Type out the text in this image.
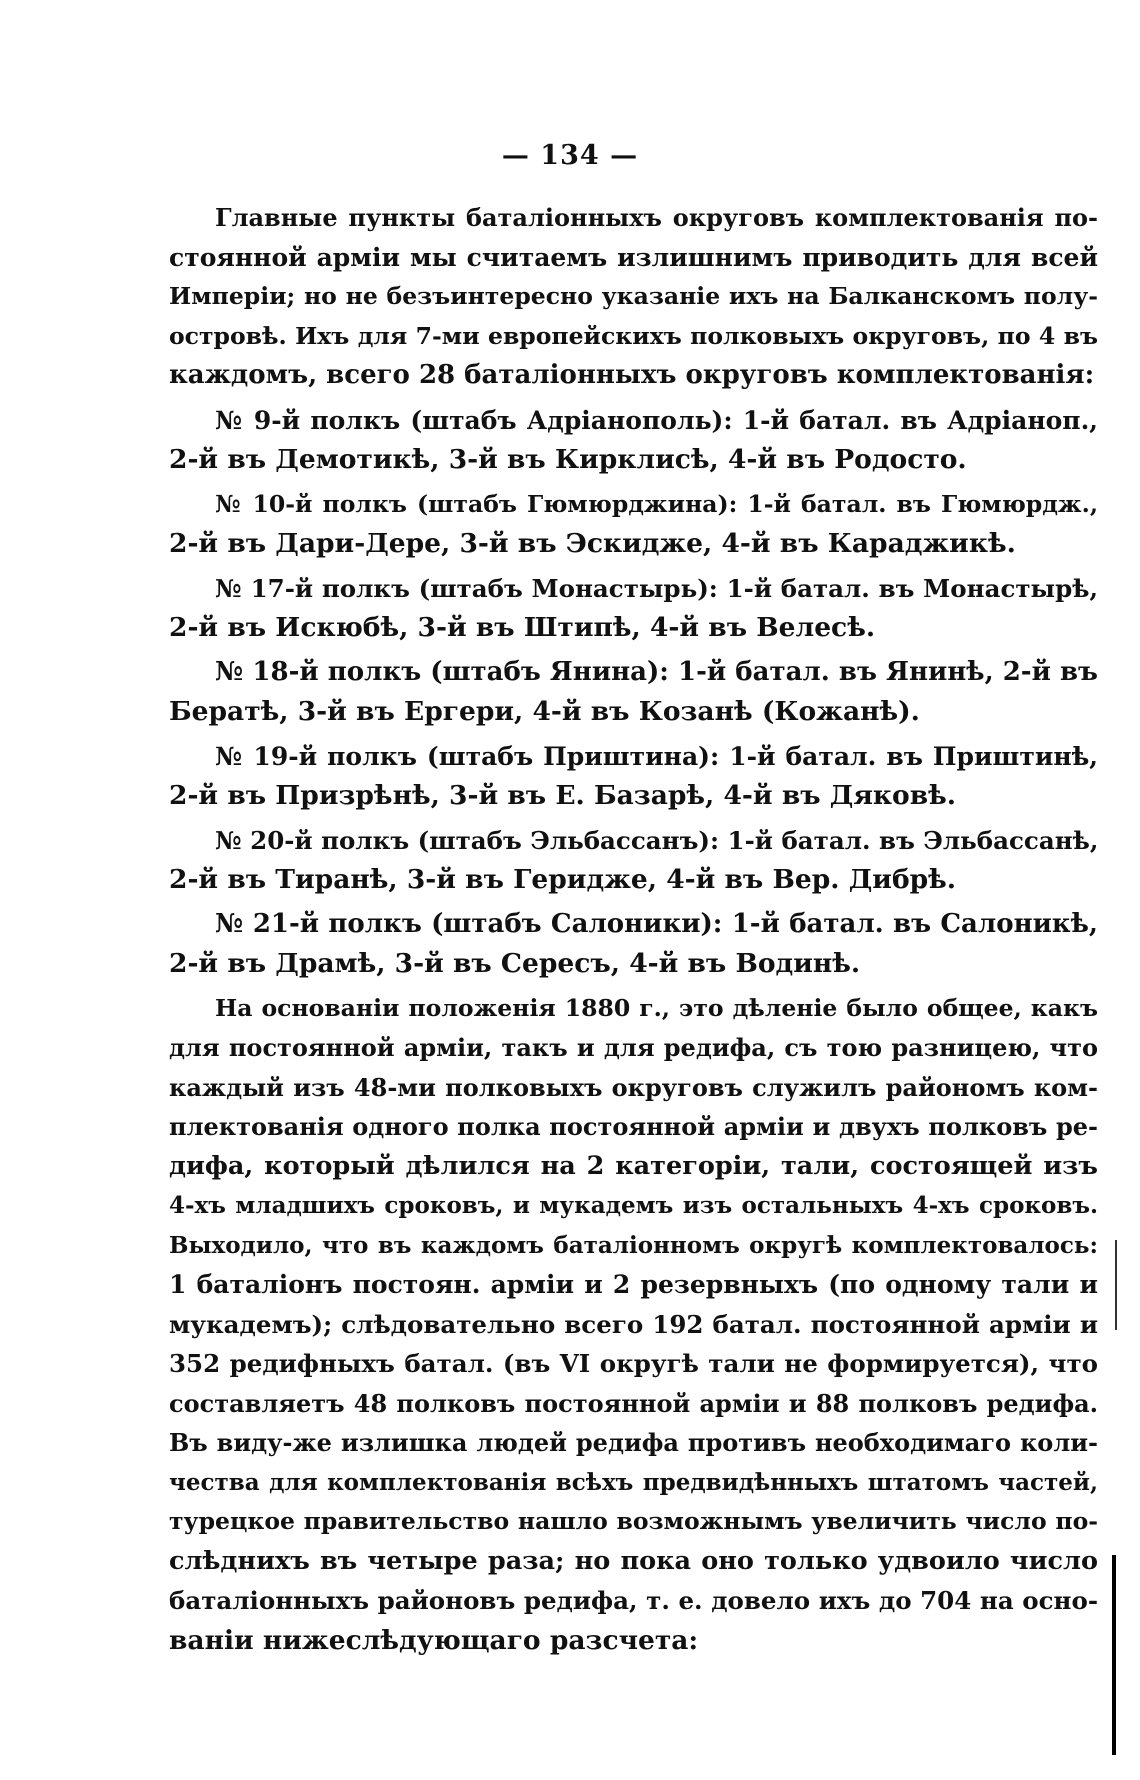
— 134 —

Главные пункты баталіонныхъ округовъ комплектованія по-
стоянной арміи мы считаемъ излишнимъ приводить для всей
Имперіи; но не безъинтересно указаніе ихъ на Балканскомъ полу-
островѣ. Ихъ для 7-ми европейскихъ полковыхъ округовъ, по 4 въ
каждомъ, всего 28 баталіонныхъ округовъ комплектованія:

№ 9-й полкъ (штабъ Адріанополь): 1-й батал. въ Адріаноп.,
2-й въ Демотикѣ, 3-й въ Кирклисѣ, 4-й въ Родосто.

№ 10-й полкъ (штабъ Гюмюрджина): 1-й батал. въ Гюмюрдж.,
2-й въ Дари-Дере, 3-й въ Эскидже, 4-й въ Караджикѣ.

№ 17-й полкъ (штабъ Монастырь): 1-й батал. въ Монастырѣ,
2-й въ Искюбѣ, 3-й въ Штипѣ, 4-й въ Велесѣ.

№ 18-й полкъ (штабъ Янина): 1-й батал. въ Янинѣ, 2-й въ
Бератѣ, 3-й въ Ергери, 4-й въ Козанѣ (Кожанѣ).

№ 19-й полкъ (штабъ Приштина): 1-й батал. въ Приштинѣ,
2-й въ Призрѣнѣ, 3-й въ Е. Базарѣ, 4-й въ Дяковѣ.

№ 20-й полкъ (штабъ Эльбассанъ): 1-й батал. въ Эльбассанѣ,
2-й въ Тиранѣ, 3-й въ Геридже, 4-й въ Вер. Дибрѣ.

№ 21-й полкъ (штабъ Салоники): 1-й батал. въ Салоникѣ,
2-й въ Драмѣ, 3-й въ Сересъ, 4-й въ Водинѣ.

На основаніи положенія 1880 г., это дѣленіе было общее, какъ
для постоянной арміи, такъ и для редифа, съ тою разницею, что
каждый изъ 48-ми полковыхъ округовъ служилъ райономъ ком-
плектованія одного полка постоянной арміи и двухъ полковъ ре-
дифа, который дѣлился на 2 категоріи, тали, состоящей изъ
4-хъ младшихъ сроковъ, и мукадемъ изъ остальныхъ 4-хъ сроковъ.
Выходило, что въ каждомъ баталіонномъ округѣ комплектовалось:
1 баталіонъ постоян. арміи и 2 резервныхъ (по одному тали и
мукадемъ); слѣдовательно всего 192 батал. постоянной арміи и
352 редифныхъ батал. (въ VI округѣ тали не формируется), что
составляетъ 48 полковъ постоянной арміи и 88 полковъ редифа.
Въ виду-же излишка людей редифа противъ необходимаго коли-
чества для комплектованія всѣхъ предвидѣнныхъ штатомъ частей,
турецкое правительство нашло возможнымъ увеличить число по-
слѣднихъ въ четыре раза; но пока оно только удвоило число
баталіонныхъ районовъ редифа, т. е. довело ихъ до 704 на осно-
ваніи нижеслѣдующаго разсчета:
